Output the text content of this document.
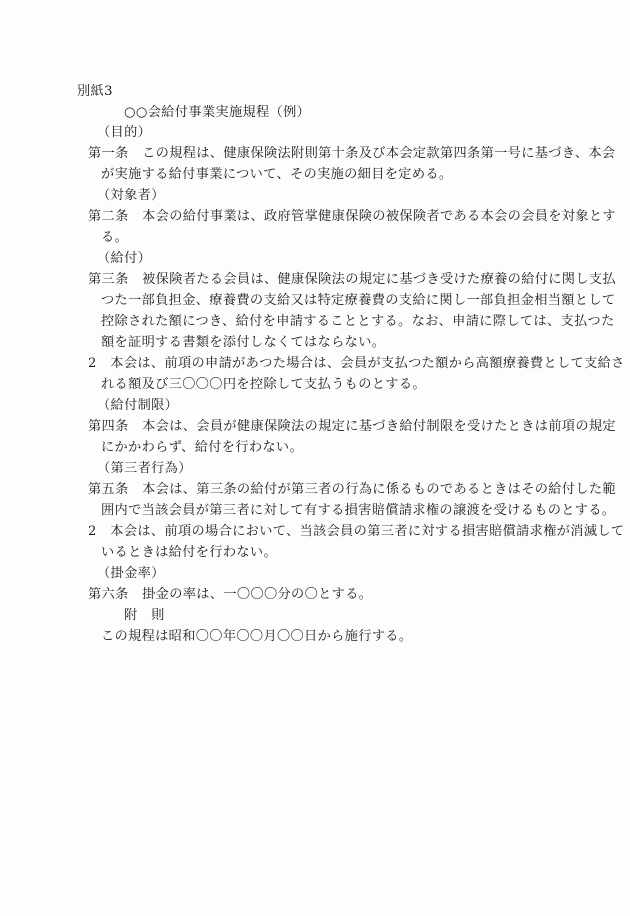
別紙3
○○会給付事業実施規程（例）
（目的）
第一条　この規程は、健康保険法附則第十条及び本会定款第四条第一号に基づき、本会
が実施する給付事業について、その実施の細目を定める。
（対象者）
第二条　本会の給付事業は、政府管掌健康保険の被保険者である本会の会員を対象とす
る。
（給付）
第三条　被保険者たる会員は、健康保険法の規定に基づき受けた療養の給付に関し支払
つた一部負担金、療養費の支給又は特定療養費の支給に関し一部負担金相当額として
控除された額につき、給付を申請することとする。なお、申請に際しては、支払つた
額を証明する書類を添付しなくてはならない。
2　本会は、前項の申請があつた場合は、会員が支払つた額から高額療養費として支給さ
れる額及び三〇〇〇円を控除して支払うものとする。
（給付制限）
第四条　本会は、会員が健康保険法の規定に基づき給付制限を受けたときは前項の規定
にかかわらず、給付を行わない。
（第三者行為）
第五条　本会は、第三条の給付が第三者の行為に係るものであるときはその給付した範
囲内で当該会員が第三者に対して有する損害賠償請求権の譲渡を受けるものとする。
2　本会は、前項の場合において、当該会員の第三者に対する損害賠償請求権が消滅して
いるときは給付を行わない。
（掛金率）
第六条　掛金の率は、一〇〇〇分の〇とする。
附　則
この規程は昭和〇〇年〇〇月〇〇日から施行する。
